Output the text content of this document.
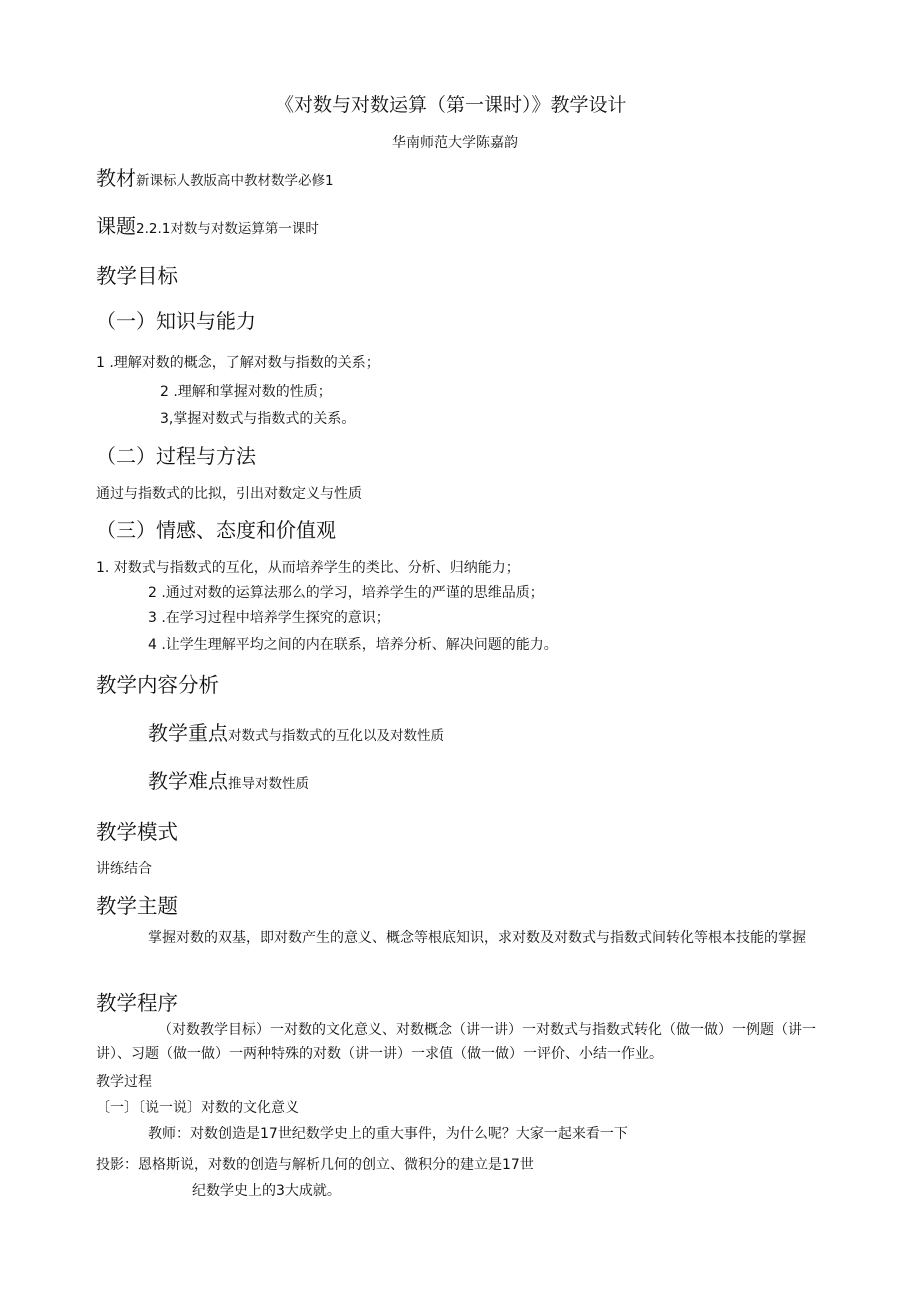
《对数与对数运算（第一课时）》教学设计
华南师范大学陈嘉韵
教材新课标人教版高中教材数学必修1
课题2.2.1对数与对数运算第一课时
教学目标
（一）知识与能力
1 .理解对数的概念，了解对数与指数的关系；
2 .理解和掌握对数的性质；
3,掌握对数式与指数式的关系。
（二）过程与方法
通过与指数式的比拟，引出对数定义与性质
（三）情感、态度和价值观
1. 对数式与指数式的互化，从而培养学生的类比、分析、归纳能力；
2 .通过对数的运算法那么的学习，培养学生的严谨的思维品质；
3 .在学习过程中培养学生探究的意识；
4 .让学生理解平均之间的内在联系，培养分析、解决问题的能力。
教学内容分析
教学重点对数式与指数式的互化以及对数性质
教学难点推导对数性质
教学模式
讲练结合
教学主题
掌握对数的双基，即对数产生的意义、概念等根底知识，求对数及对数式与指数式间转化等根本技能的掌握
教学程序
（对数教学目标）一对数的文化意义、对数概念（讲一讲）一对数式与指数式转化（做一做）一例题（讲一讲）、习题（做一做）一两种特殊的对数（讲一讲）一求值（做一做）一评价、小结一作业。
教学过程
〔一〕〔说一说〕对数的文化意义
教师：对数创造是17世纪数学史上的重大事件，为什么呢？大家一起来看一下
投影：恩格斯说，对数的创造与解析几何的创立、微积分的建立是17世
纪数学史上的3大成就。
